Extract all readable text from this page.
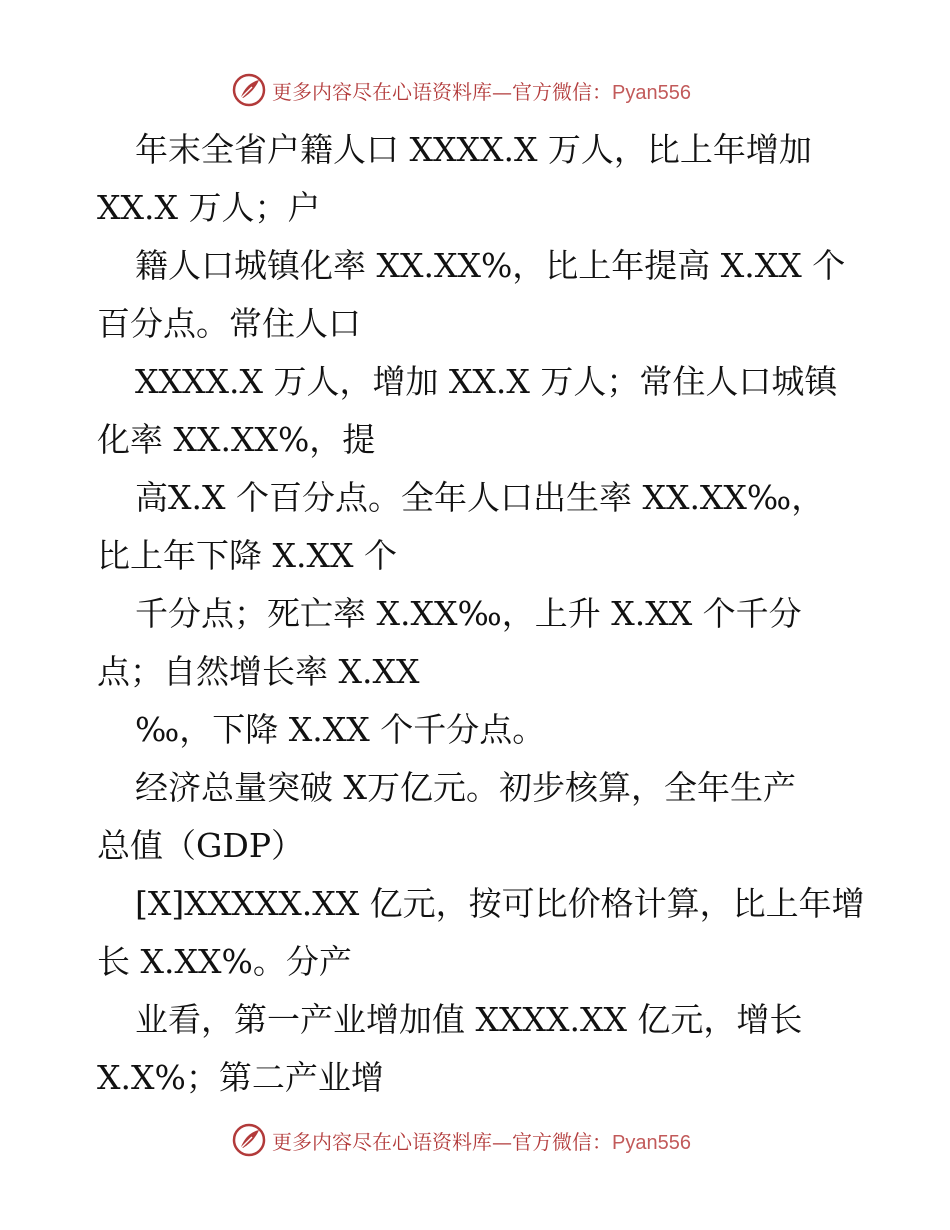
更多内容尽在心语资料库—官方微信：Pyan556
年末全省户籍人口 XXXX.X 万人，比上年增加
XX.X 万人；户
籍人口城镇化率 XX.XX%，比上年提高 X.XX 个
百分点。常住人口
XXXX.X 万人，增加 XX.X 万人；常住人口城镇
化率 XX.XX%，提
高X.X 个百分点。全年人口出生率 XX.XX‰，
比上年下降 X.XX 个
千分点；死亡率 X.XX‰，上升 X.XX 个千分
点；自然增长率 X.XX
‰，下降 X.XX 个千分点。
经济总量突破 X万亿元。初步核算，全年生产
总值（GDP）
[X]XXXXX.XX 亿元，按可比价格计算，比上年增
长 X.XX%。分产
业看，第一产业增加值 XXXX.XX 亿元，增长
X.X%；第二产业增
更多内容尽在心语资料库—官方微信：Pyan556
